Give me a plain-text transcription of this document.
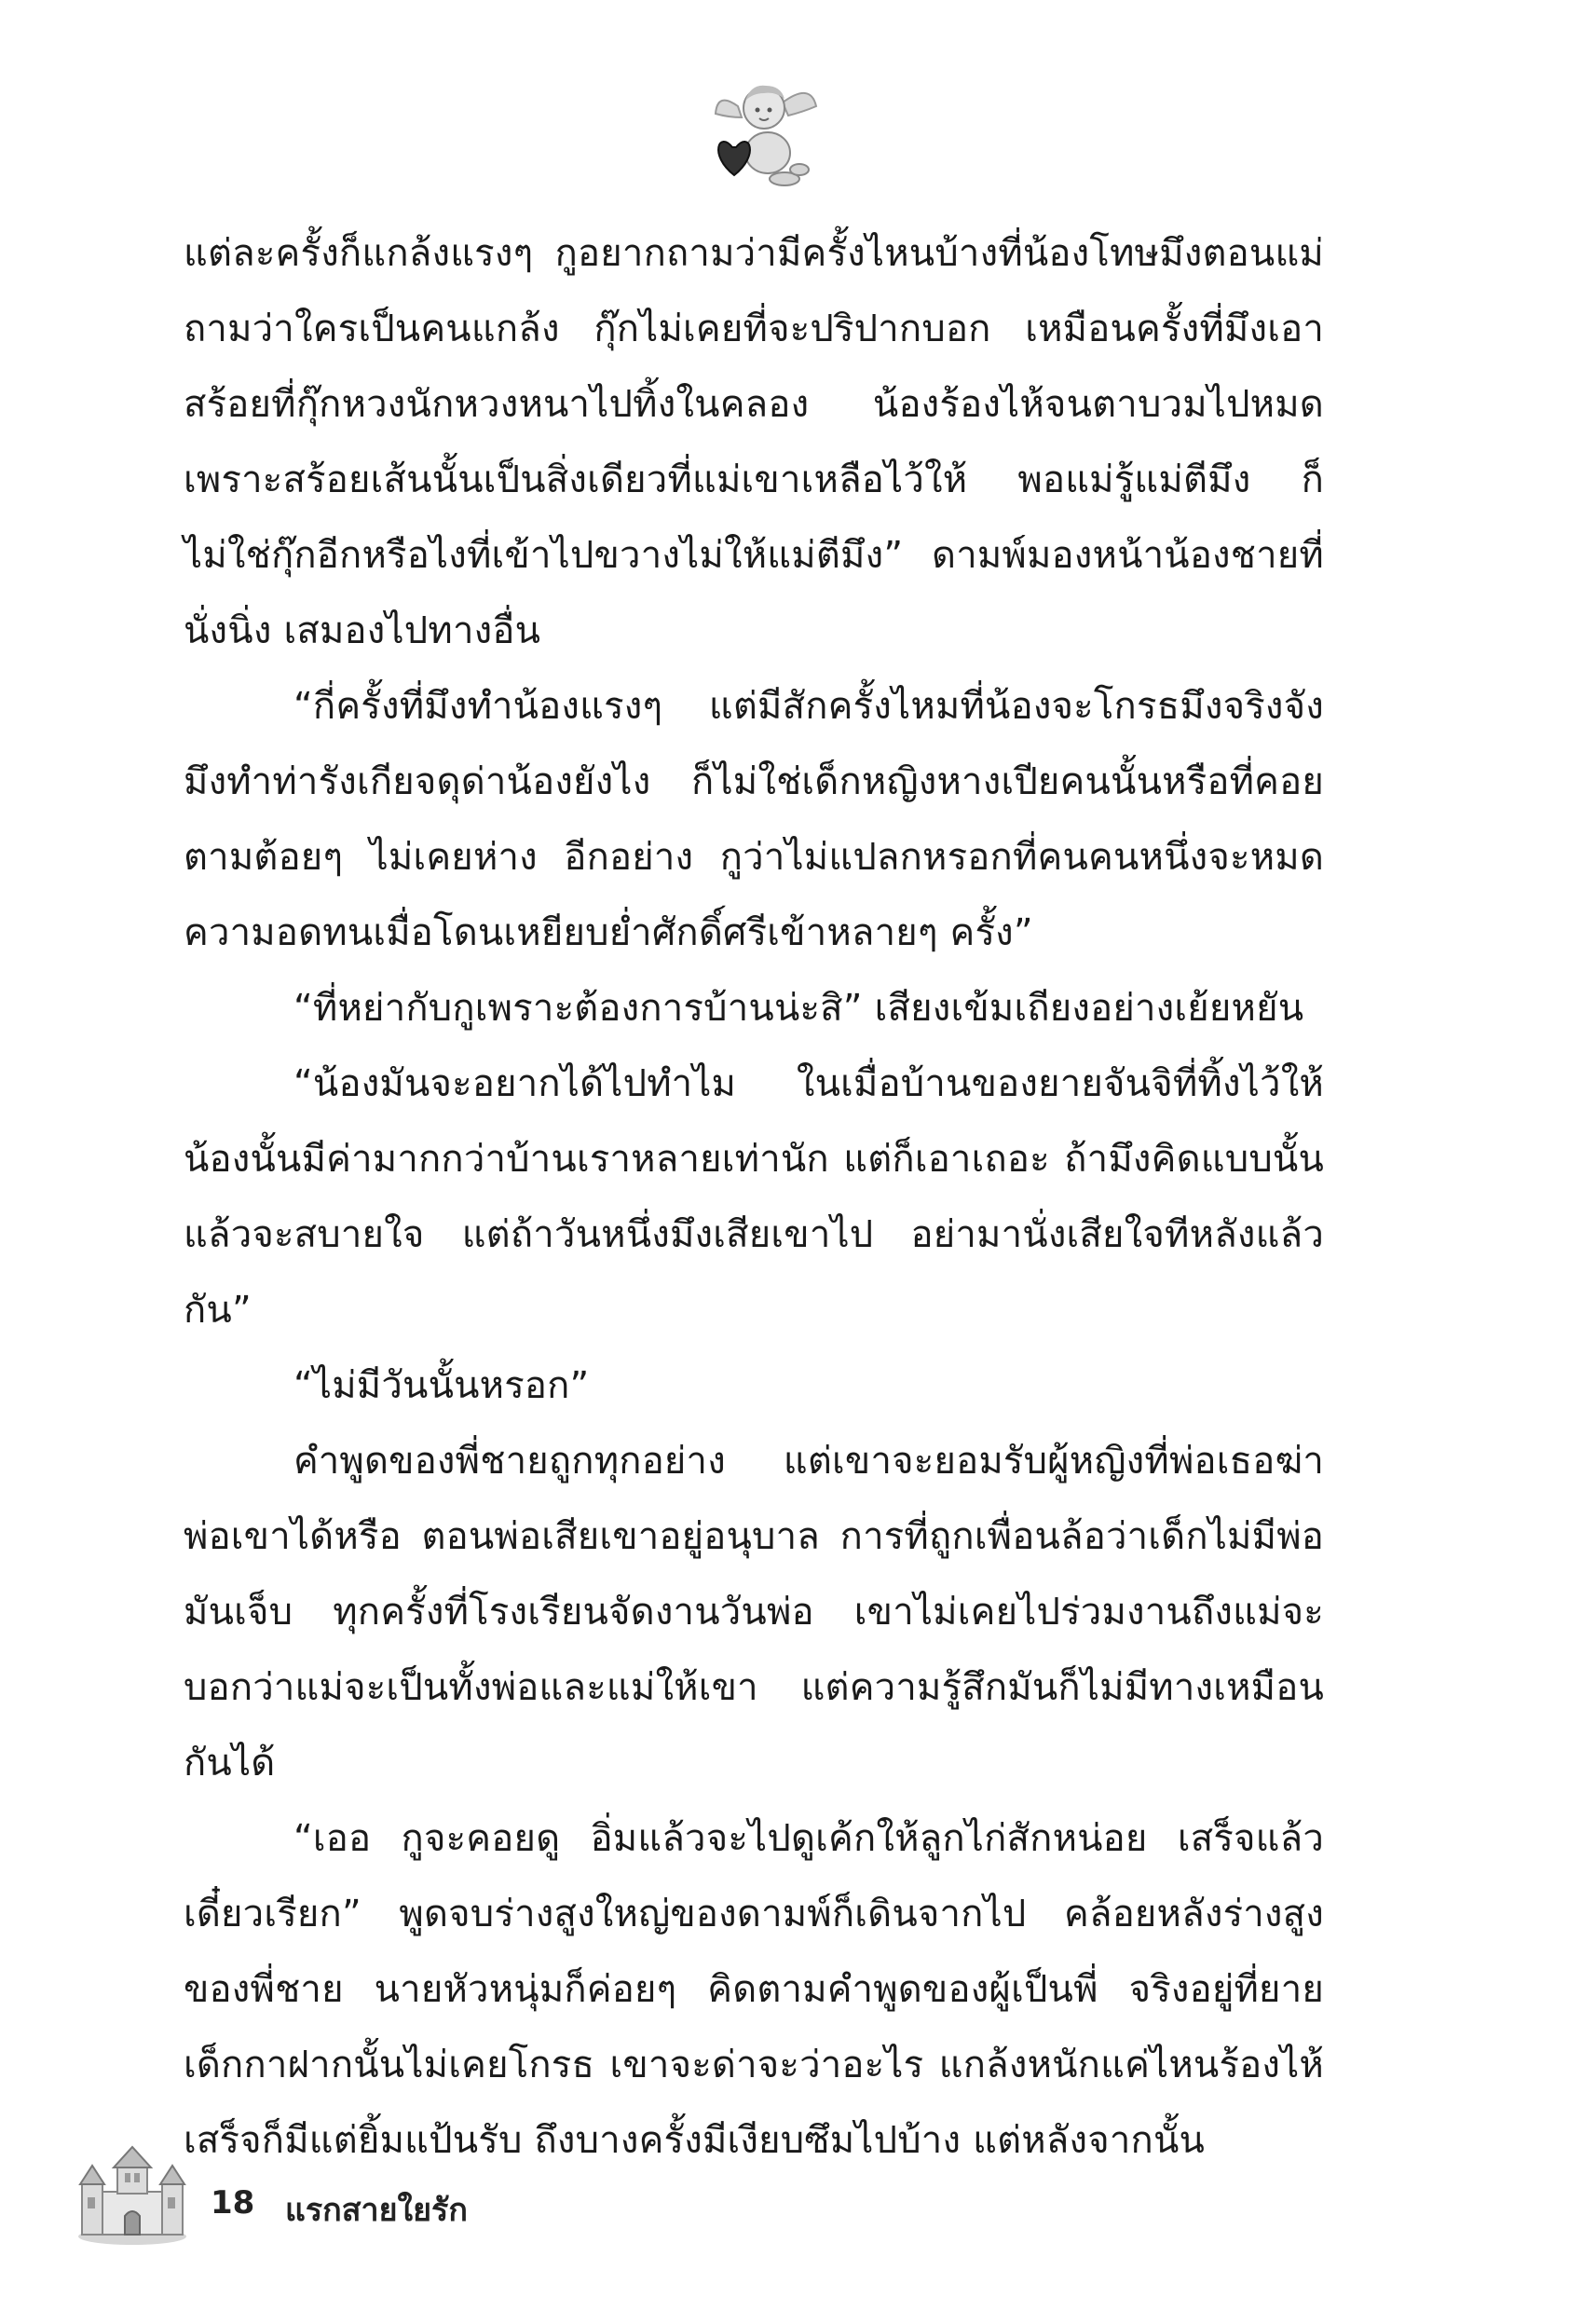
แต่ละครั้งก็แกล้งแรงๆ กูอยากถามว่ามีครั้งไหนบ้างที่น้องโทษมึงตอนแม่ถามว่าใครเป็นคนแกล้ง กุ๊กไม่เคยที่จะปริปากบอก เหมือนครั้งที่มึงเอาสร้อยที่กุ๊กหวงนักหวงหนาไปทิ้งในคลอง น้องร้องไห้จนตาบวมไปหมด เพราะสร้อยเส้นนั้นเป็นสิ่งเดียวที่แม่เขาเหลือไว้ให้ พอแม่รู้แม่ตีมึง ก็ไม่ใช่กุ๊กอีกหรือไงที่เข้าไปขวางไม่ให้แม่ตีมึง” ดามพ์มองหน้าน้องชายที่นั่งนิ่ง เสมองไปทางอื่น

“กี่ครั้งที่มึงทำน้องแรงๆ แต่มีสักครั้งไหมที่น้องจะโกรธมึงจริงจังมึงทำท่ารังเกียจดุด่าน้องยังไง ก็ไม่ใช่เด็กหญิงหางเปียคนนั้นหรือที่คอยตามต้อยๆ ไม่เคยห่าง อีกอย่าง กูว่าไม่แปลกหรอกที่คนคนหนึ่งจะหมดความอดทนเมื่อโดนเหยียบย่ำศักดิ์ศรีเข้าหลายๆ ครั้ง”

“ที่หย่ากับกูเพราะต้องการบ้านน่ะสิ” เสียงเข้มเถียงอย่างเย้ยหยัน

“น้องมันจะอยากได้ไปทำไม ในเมื่อบ้านของยายจันจิที่ทิ้งไว้ให้น้องนั้นมีค่ามากกว่าบ้านเราหลายเท่านัก แต่ก็เอาเถอะ ถ้ามึงคิดแบบนั้นแล้วจะสบายใจ แต่ถ้าวันหนึ่งมึงเสียเขาไป อย่ามานั่งเสียใจทีหลังแล้วกัน”

“ไม่มีวันนั้นหรอก”

คำพูดของพี่ชายถูกทุกอย่าง แต่เขาจะยอมรับผู้หญิงที่พ่อเธอฆ่าพ่อเขาได้หรือ ตอนพ่อเสียเขาอยู่อนุบาล การที่ถูกเพื่อนล้อว่าเด็กไม่มีพ่อมันเจ็บ ทุกครั้งที่โรงเรียนจัดงานวันพ่อ เขาไม่เคยไปร่วมงานถึงแม่จะบอกว่าแม่จะเป็นทั้งพ่อและแม่ให้เขา แต่ความรู้สึกมันก็ไม่มีทางเหมือนกันได้

“เออ กูจะคอยดู อิ่มแล้วจะไปดูเค้กให้ลูกไก่สักหน่อย เสร็จแล้วเดี๋ยวเรียก” พูดจบร่างสูงใหญ่ของดามพ์ก็เดินจากไป คล้อยหลังร่างสูงของพี่ชาย นายหัวหนุ่มก็ค่อยๆ คิดตามคำพูดของผู้เป็นพี่ จริงอยู่ที่ยายเด็กกาฝากนั้นไม่เคยโกรธ เขาจะด่าจะว่าอะไร แกล้งหนักแค่ไหนร้องไห้เสร็จก็มีแต่ยิ้มแป้นรับ ถึงบางครั้งมีเงียบซึมไปบ้าง แต่หลังจากนั้น

18 แรกสายใยรัก
